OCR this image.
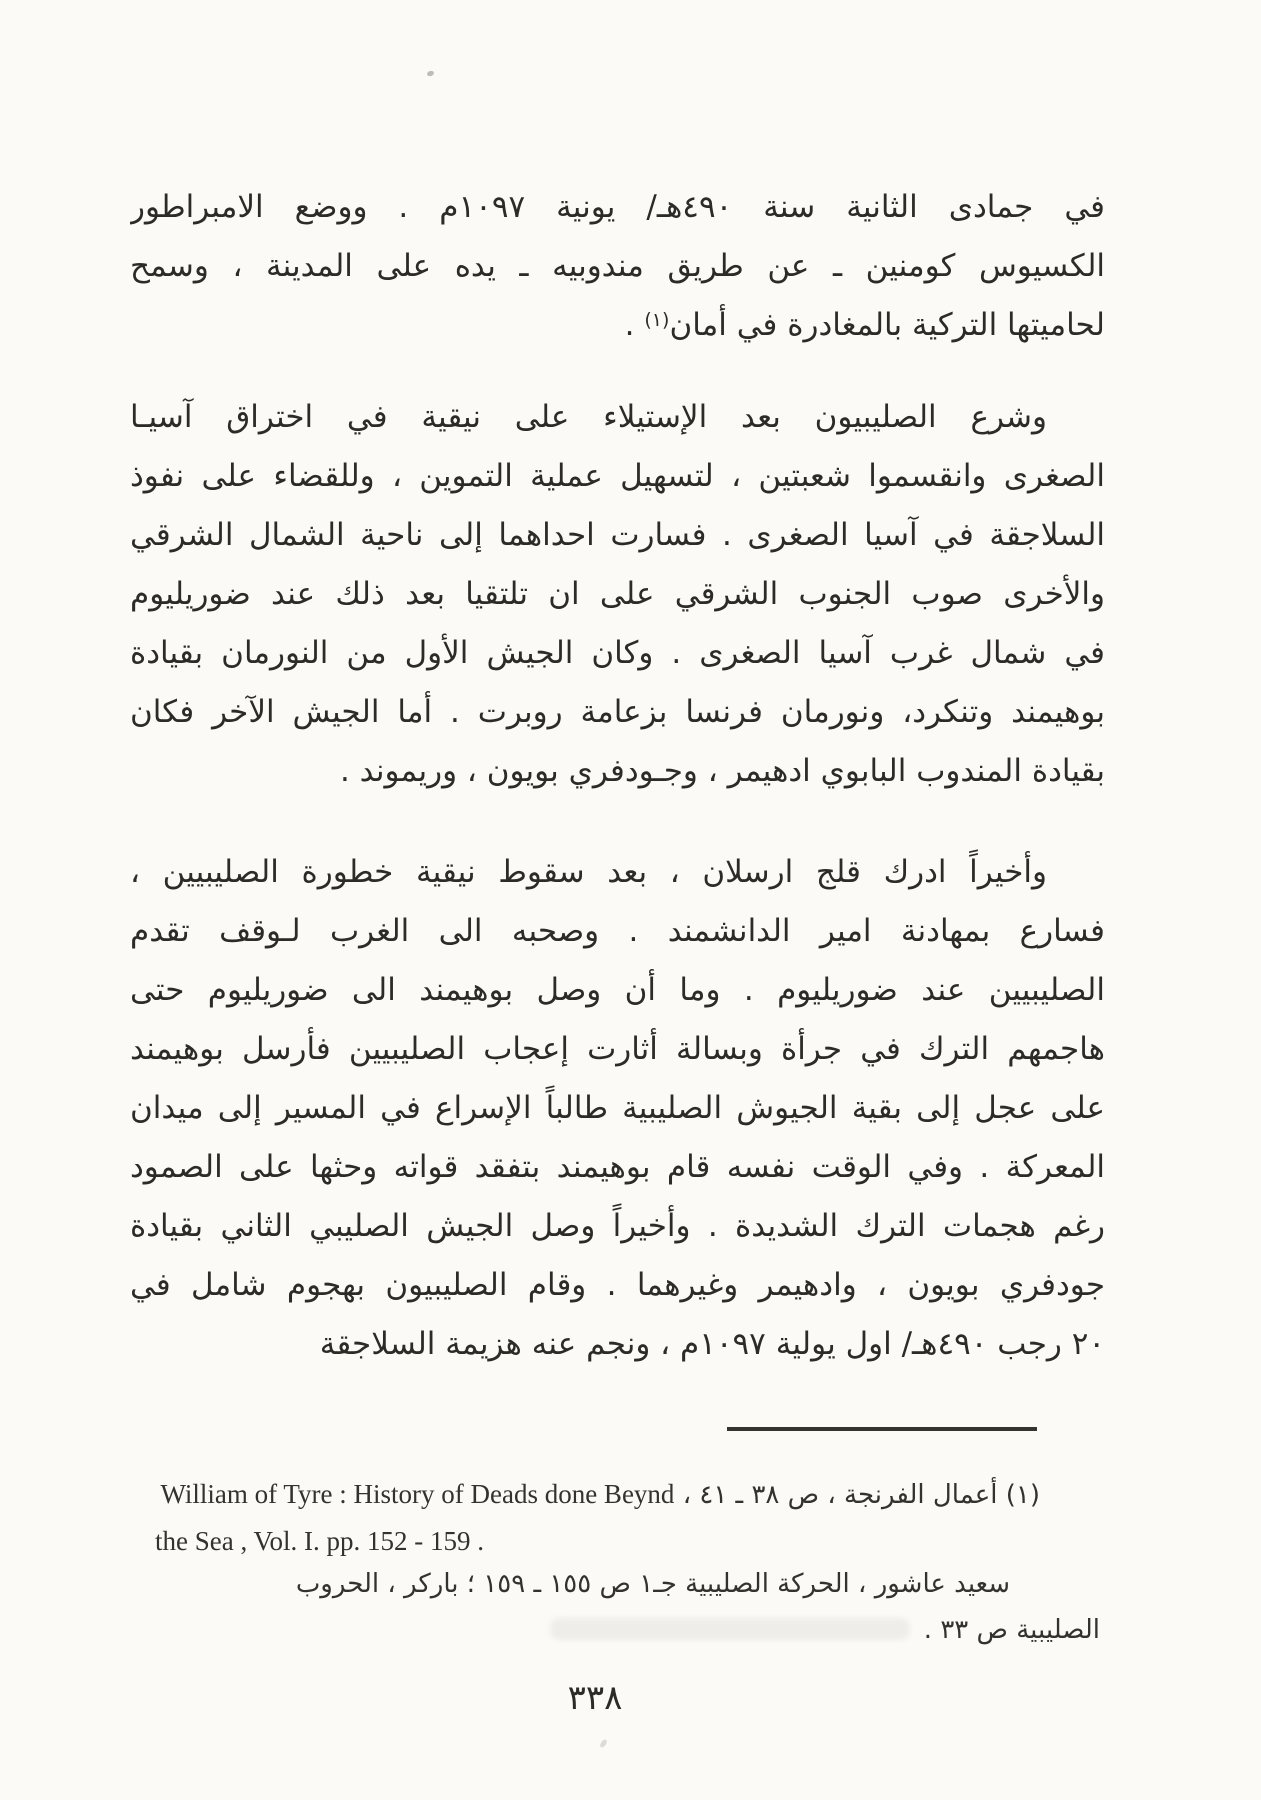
في جمادى الثانية سنة ٤٩٠هـ/ يونية ١٠٩٧م . ووضع الامبراطور
الكسيوس كومنين ـ عن طريق مندوبيه ـ يده على المدينة ، وسمح
لحاميتها التركية بالمغادرة في أمان$^{(١)}$ .
وشرع الصليبيون بعد الإستيلاء على نيقية في اختراق آسيـا
الصغرى وانقسموا شعبتين ، لتسهيل عملية التموين ، وللقضاء على نفوذ
السلاجقة في آسيا الصغرى . فسارت احداهما إلى ناحية الشمال الشرقي
والأخرى صوب الجنوب الشرقي على ان تلتقيا بعد ذلك عند ضوريليوم
في شمال غرب آسيا الصغرى . وكان الجيش الأول من النورمان بقيادة
بوهيمند وتنكرد، ونورمان فرنسا بزعامة روبرت . أما الجيش الآخر فكان
بقيادة المندوب البابوي ادهيمر ، وجـودفري بويون ، وريموند .
وأخيراً ادرك قلج ارسلان ، بعد سقوط نيقية خطورة الصليبيين ،
فسارع بمهادنة امير الدانشمند . وصحبه الى الغرب لـوقف تقدم
الصليبيين عند ضوريليوم . وما أن وصل بوهيمند الى ضوريليوم حتى
هاجمهم الترك في جرأة وبسالة أثارت إعجاب الصليبيين فأرسل بوهيمند
على عجل إلى بقية الجيوش الصليبية طالباً الإسراع في المسير إلى ميدان
المعركة . وفي الوقت نفسه قام بوهيمند بتفقد قواته وحثها على الصمود
رغم هجمات الترك الشديدة . وأخيراً وصل الجيش الصليبي الثاني بقيادة
جودفري بويون ، وادهيمر وغيرهما . وقام الصليبيون بهجوم شامل في
٢٠ رجب ٤٩٠هـ/ اول يولية ١٠٩٧م ، ونجم عنه هزيمة السلاجقة
(١) أعمال الفرنجة ، ص ٣٨ ـ ٤١ ، William of Tyre : History of Deads done Beynd
the Sea , Vol. I. pp. 152 - 159 .
سعيد عاشور ، الحركة الصليبية جـ١ ص ١٥٥ ـ ١٥٩ ؛ باركر ، الحروب
الصليبية ص ٣٣ .
٣٣٨
